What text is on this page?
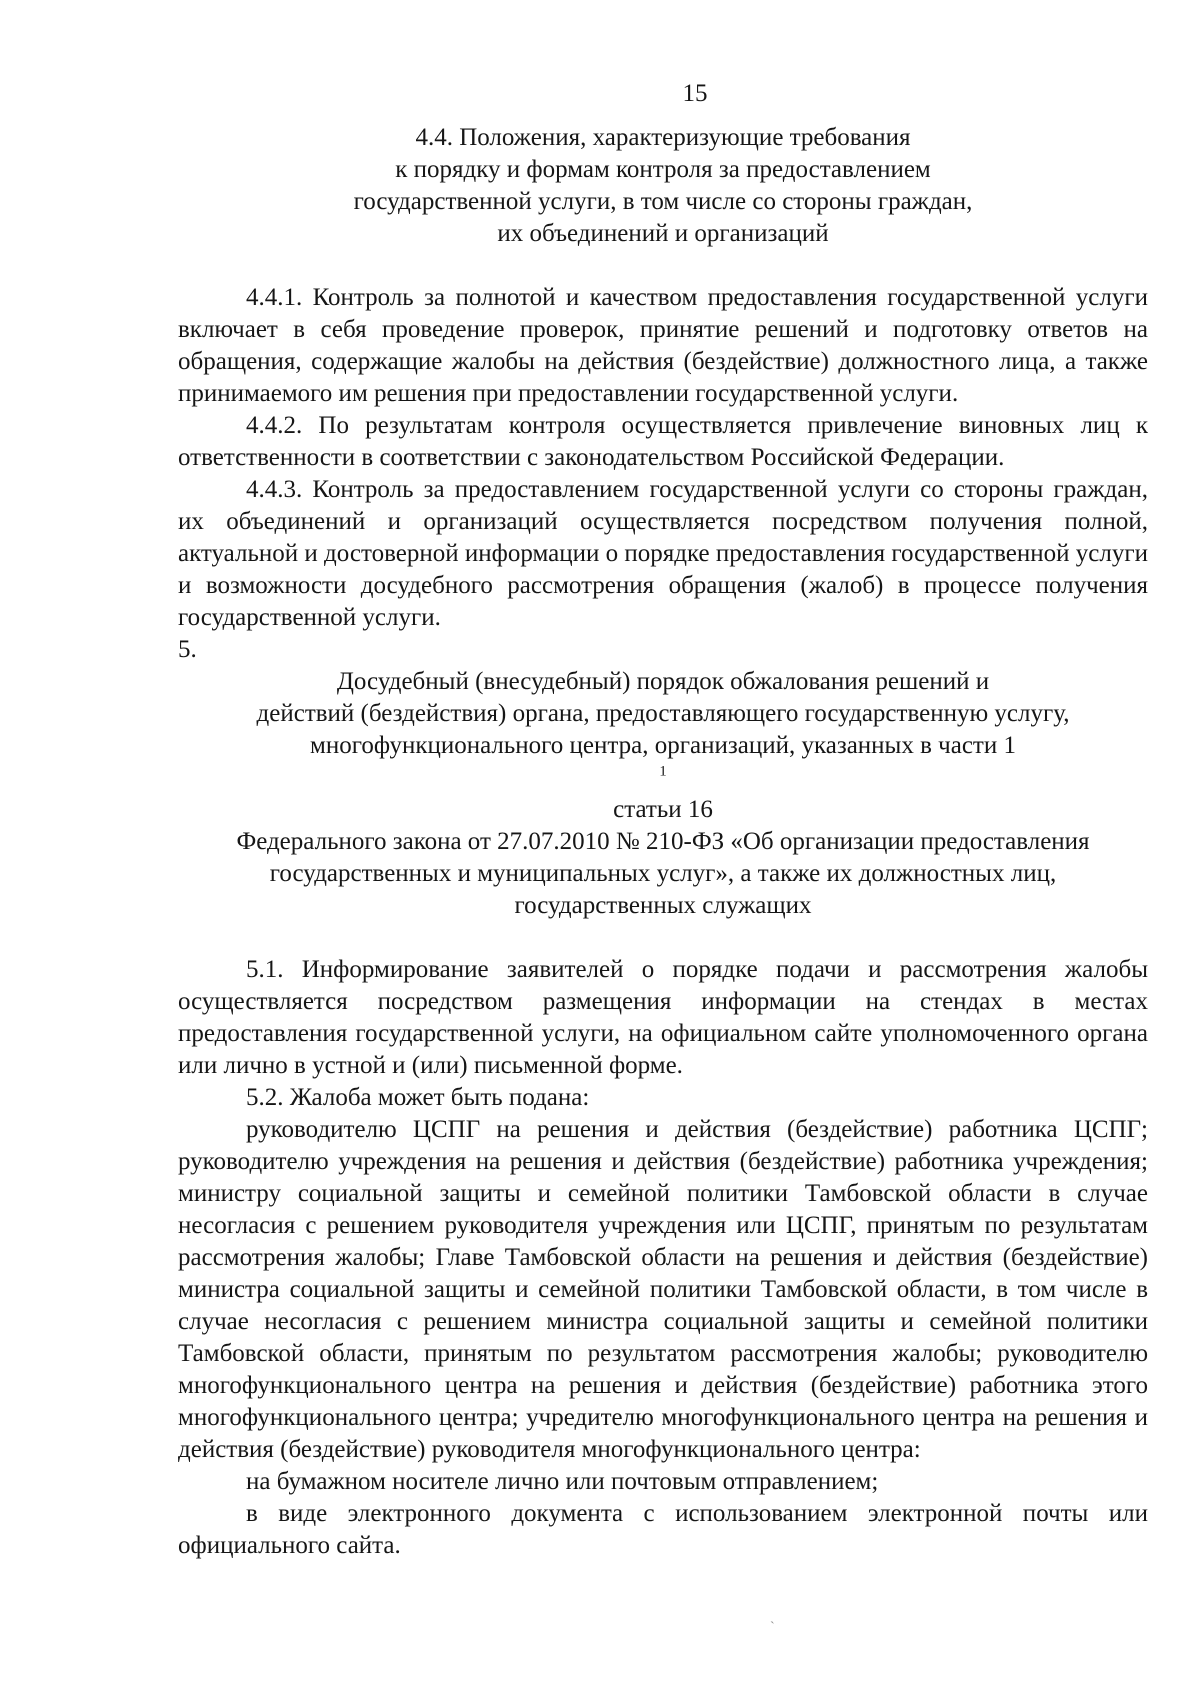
15
4.4. Положения, характеризующие требования
к порядку и формам контроля за предоставлением
государственной услуги, в том числе со стороны граждан,
их объединений и организаций

4.4.1. Контроль за полнотой и качеством предоставления государственной услуги включает в себя проведение проверок, принятие решений и подготовку ответов на обращения, содержащие жалобы на действия (бездействие) должностного лица, а также принимаемого им решения при предоставлении государственной услуги.

4.4.2. По результатам контроля осуществляется привлечение виновных лиц к ответственности в соответствии с законодательством Российской Федерации.

4.4.3. Контроль за предоставлением государственной услуги со стороны граждан, их объединений и организаций осуществляется посредством получения полной, актуальной и достоверной информации о порядке предоставления государственной услуги и возможности досудебного рассмотрения обращения (жалоб) в процессе получения государственной услуги.

5.
Досудебный (внесудебный) порядок обжалования решений и
действий (бездействия) органа, предоставляющего государственную услугу,
многофункционального центра, организаций, указанных в части 1
$^1$
статьи 16
Федерального закона от 27.07.2010 № 210-ФЗ «Об организации предоставления
государственных и муниципальных услуг», а также их должностных лиц,
государственных служащих

5.1. Информирование заявителей о порядке подачи и рассмотрения жалобы осуществляется посредством размещения информации на стендах в местах предоставления государственной услуги, на официальном сайте уполномоченного органа или лично в устной и (или) письменной форме.

5.2. Жалоба может быть подана:

руководителю ЦСПГ на решения и действия (бездействие) работника ЦСПГ; руководителю учреждения на решения и действия (бездействие) работника учреждения; министру социальной защиты и семейной политики Тамбовской области в случае несогласия с решением руководителя учреждения или ЦСПГ, принятым по результатам рассмотрения жалобы; Главе Тамбовской области на решения и действия (бездействие) министра социальной защиты и семейной политики Тамбовской области, в том числе в случае несогласия с решением министра социальной защиты и семейной политики Тамбовской области, принятым по результатом рассмотрения жалобы; руководителю многофункционального центра на решения и действия (бездействие) работника этого многофункционального центра; учредителю многофункционального центра на решения и действия (бездействие) руководителя многофункционального центра:

на бумажном носителе лично или почтовым отправлением;

в виде электронного документа с использованием электронной почты или официального сайта.

`
